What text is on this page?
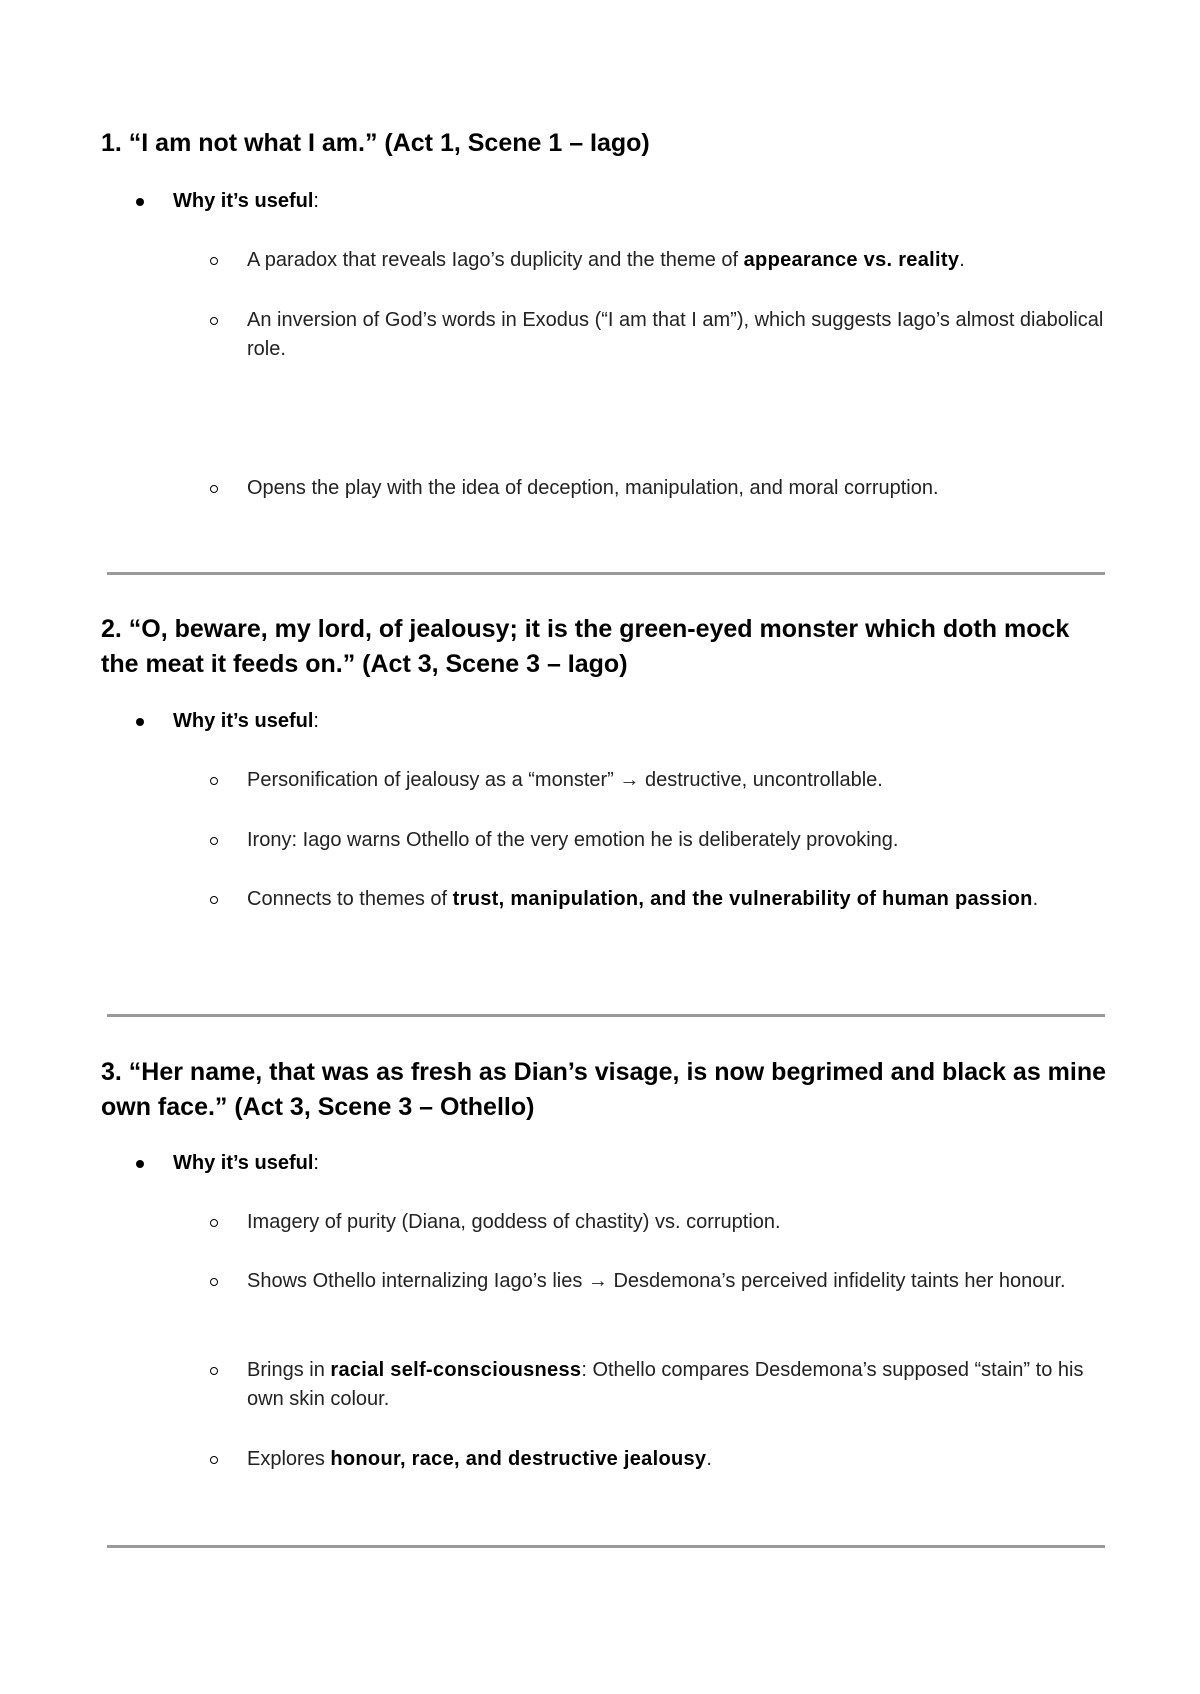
1. “I am not what I am.” (Act 1, Scene 1 – Iago)
Why it’s useful:
A paradox that reveals Iago’s duplicity and the theme of appearance vs. reality.
An inversion of God’s words in Exodus (“I am that I am”), which suggests Iago’s almost diabolical role.
Opens the play with the idea of deception, manipulation, and moral corruption.
2. “O, beware, my lord, of jealousy; it is the green-eyed monster which doth mock the meat it feeds on.” (Act 3, Scene 3 – Iago)
Why it’s useful:
Personification of jealousy as a “monster” → destructive, uncontrollable.
Irony: Iago warns Othello of the very emotion he is deliberately provoking.
Connects to themes of trust, manipulation, and the vulnerability of human passion.
3. “Her name, that was as fresh as Dian’s visage, is now begrimed and black as mine own face.” (Act 3, Scene 3 – Othello)
Why it’s useful:
Imagery of purity (Diana, goddess of chastity) vs. corruption.
Shows Othello internalizing Iago’s lies → Desdemona’s perceived infidelity taints her honour.
Brings in racial self-consciousness: Othello compares Desdemona’s supposed “stain” to his own skin colour.
Explores honour, race, and destructive jealousy.
